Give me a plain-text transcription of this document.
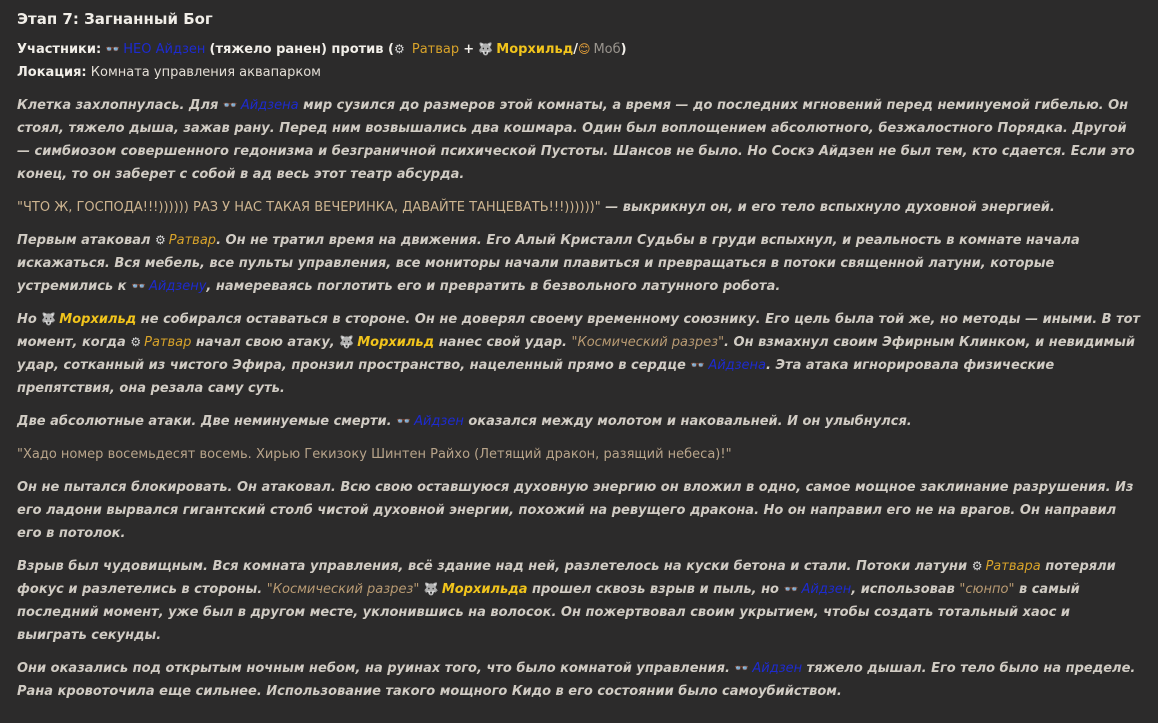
Этап 7: Загнанный Бог
Участники: 👓 НЕО Айдзен (тяжело ранен) против (⚙ Ратвар + 🐺 Морхильд/😊 Моб)
Локация: Комната управления аквапарком

Клетка захлопнулась. Для 👓 Айдзена мир сузился до размеров этой комнаты, а время — до последних мгновений перед неминуемой гибелью. Он стоял, тяжело дыша, зажав рану. Перед ним возвышались два кошмара. Один был воплощением абсолютного, безжалостного Порядка. Другой — симбиозом совершенного гедонизма и безграничной психической Пустоты. Шансов не было. Но Соскэ Айдзен не был тем, кто сдается. Если это конец, то он заберет с собой в ад весь этот театр абсурда.

"ЧТО Ж, ГОСПОДА!!!)))))) РАЗ У НАС ТАКАЯ ВЕЧЕРИНКА, ДАВАЙТЕ ТАНЦЕВАТЬ!!!))))))" — выкрикнул он, и его тело вспыхнуло духовной энергией.

Первым атаковал ⚙ Ратвар. Он не тратил время на движения. Его Алый Кристалл Судьбы в груди вспыхнул, и реальность в комнате начала искажаться. Вся мебель, все пульты управления, все мониторы начали плавиться и превращаться в потоки священной латуни, которые устремились к 👓 Айдзену, намереваясь поглотить его и превратить в безвольного латунного робота.

Но 🐺 Морхильд не собирался оставаться в стороне. Он не доверял своему временному союзнику. Его цель была той же, но методы — иными. В тот момент, когда ⚙ Ратвар начал свою атаку, 🐺 Морхильд нанес свой удар. "Космический разрез". Он взмахнул своим Эфирным Клинком, и невидимый удар, сотканный из чистого Эфира, пронзил пространство, нацеленный прямо в сердце 👓 Айдзена. Эта атака игнорировала физические препятствия, она резала саму суть.

Две абсолютные атаки. Две неминуемые смерти. 👓 Айдзен оказался между молотом и наковальней. И он улыбнулся.

"Хадо номер восемьдесят восемь. Хирью Гекизоку Шинтен Райхо (Летящий дракон, разящий небеса)!"

Он не пытался блокировать. Он атаковал. Всю свою оставшуюся духовную энергию он вложил в одно, самое мощное заклинание разрушения. Из его ладони вырвался гигантский столб чистой духовной энергии, похожий на ревущего дракона. Но он направил его не на врагов. Он направил его в потолок.

Взрыв был чудовищным. Вся комната управления, всё здание над ней, разлетелось на куски бетона и стали. Потоки латуни ⚙ Ратвара потеряли фокус и разлетелись в стороны. "Космический разрез" 🐺 Морхильда прошел сквозь взрыв и пыль, но 👓 Айдзен, использовав "сюнпо" в самый последний момент, уже был в другом месте, уклонившись на волосок. Он пожертвовал своим укрытием, чтобы создать тотальный хаос и выиграть секунды.

Они оказались под открытым ночным небом, на руинах того, что было комнатой управления. 👓 Айдзен тяжело дышал. Его тело было на пределе. Рана кровоточила еще сильнее. Использование такого мощного Кидо в его состоянии было самоубийством.
